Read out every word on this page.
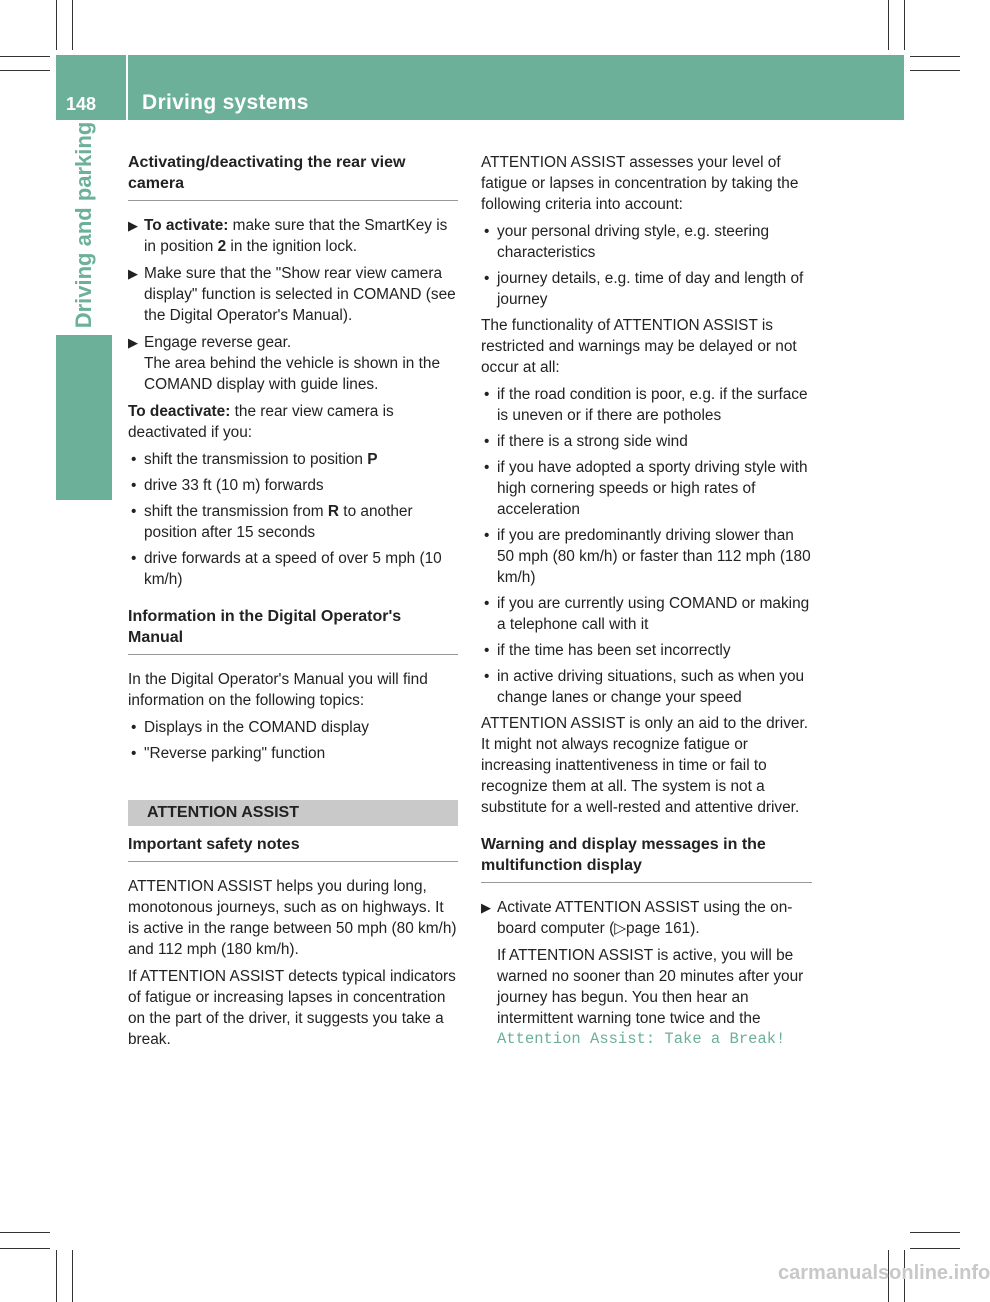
148 Driving systems
Driving and parking Activating/deactivating the rear view camera
▶ To activate: make sure that the SmartKey is in position 2 in the ignition lock.
▶ Make sure that the "Show rear view camera display" function is selected in COMAND (see the Digital Operator's Manual).
▶ Engage reverse gear.
The area behind the vehicle is shown in the COMAND display with guide lines.

To deactivate: the rear view camera is deactivated if you:

• shift the transmission to position P
• drive 33 ft (10 m) forwards
• shift the transmission from R to another position after 15 seconds
• drive forwards at a speed of over 5 mph (10 km/h)
Information in the Digital Operator's Manual

In the Digital Operator's Manual you will find information on the following topics:

• Displays in the COMAND display
• "Reverse parking" function
ATTENTION ASSIST
Important safety notes

ATTENTION ASSIST helps you during long, monotonous journeys, such as on highways. It is active in the range between 50 mph (80 km/h) and 112 mph (180 km/h).

If ATTENTION ASSIST detects typical indicators of fatigue or increasing lapses in concentration on the part of the driver, it suggests you take a break.

ATTENTION ASSIST assesses your level of fatigue or lapses in concentration by taking the following criteria into account:

• your personal driving style, e.g. steering characteristics
• journey details, e.g. time of day and length of journey

The functionality of ATTENTION ASSIST is restricted and warnings may be delayed or not occur at all:

• if the road condition is poor, e.g. if the surface is uneven or if there are potholes
• if there is a strong side wind
• if you have adopted a sporty driving style with high cornering speeds or high rates of acceleration
• if you are predominantly driving slower than 50 mph (80 km/h) or faster than 112 mph (180 km/h)
• if you are currently using COMAND or making a telephone call with it
• if the time has been set incorrectly
• in active driving situations, such as when you change lanes or change your speed

ATTENTION ASSIST is only an aid to the driver. It might not always recognize fatigue or increasing inattentiveness in time or fail to recognize them at all. The system is not a substitute for a well-rested and attentive driver.

Warning and display messages in the multifunction display
▶ Activate ATTENTION ASSIST using the on-board computer (▷page 161).
If ATTENTION ASSIST is active, you will be warned no sooner than 20 minutes after your journey has begun. You then hear an intermittent warning tone twice and the
Attention Assist: Take a Break!
carmanualsonline.info
